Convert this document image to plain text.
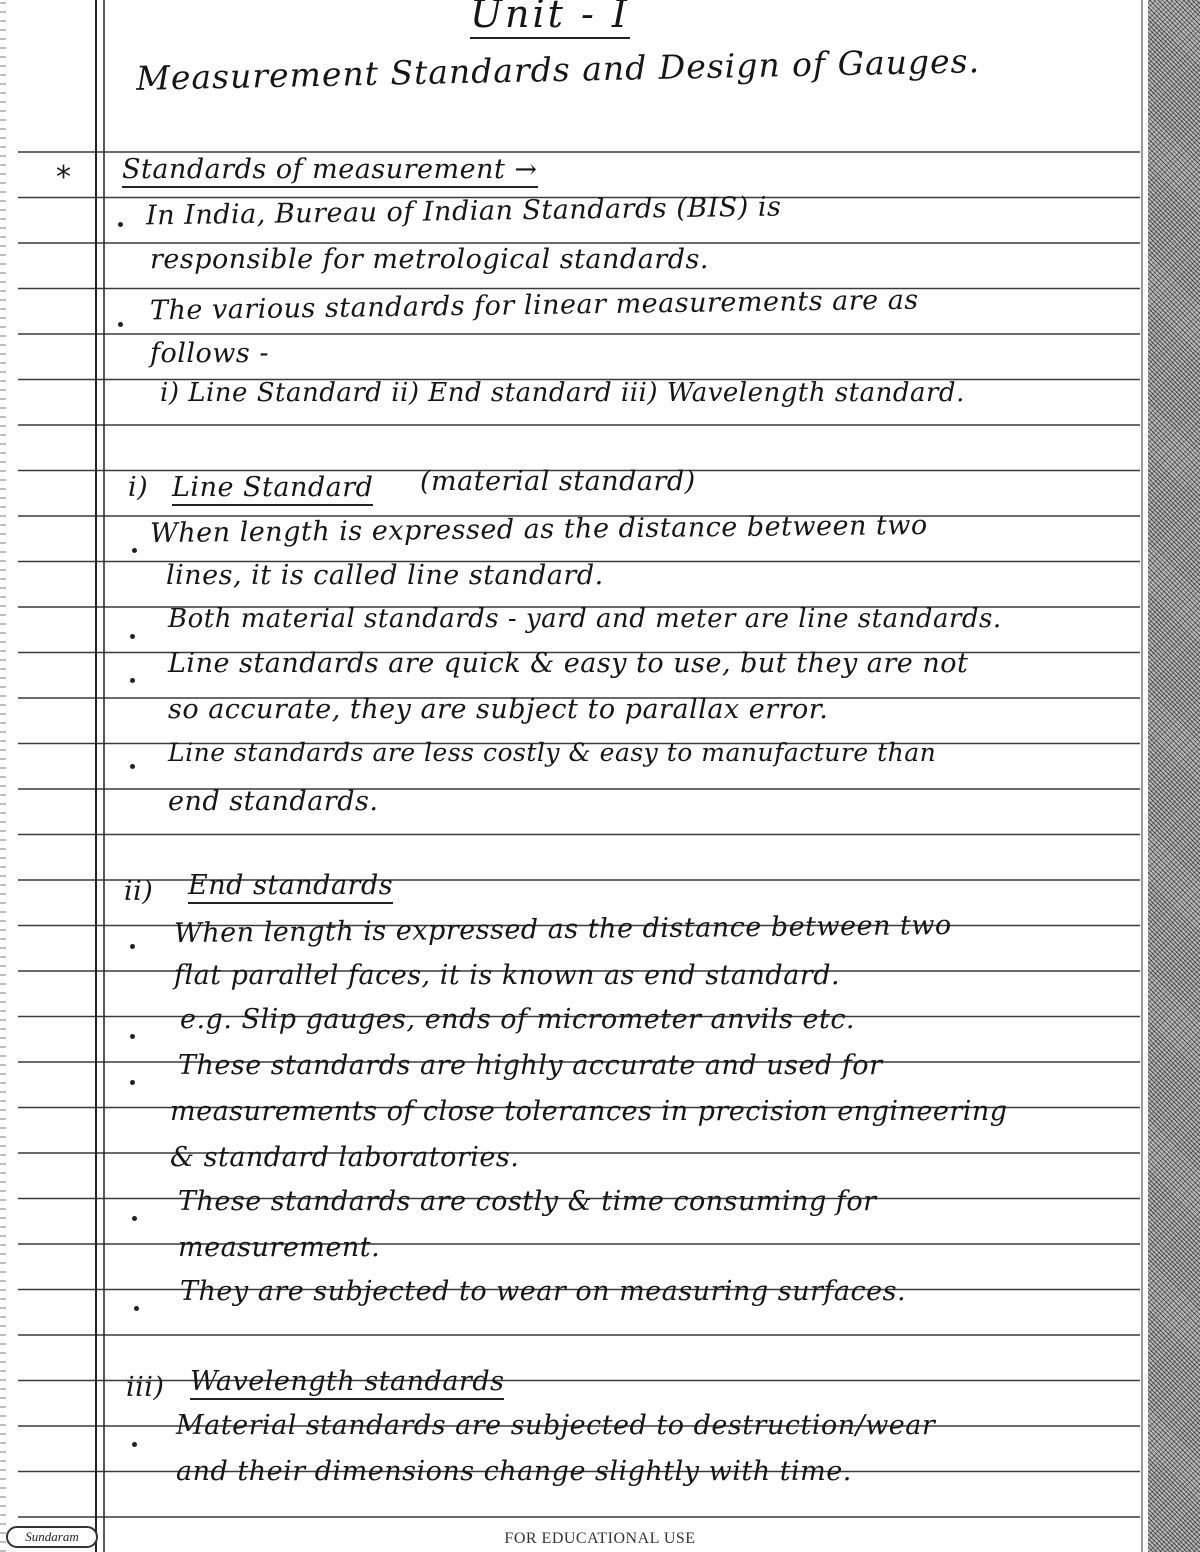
Unit - I
Measurement Standards and Design of Gauges.
* Standards of measurement →
In India, Bureau of Indian Standards (BIS) is
responsible for metrological standards.
The various standards for linear measurements are as
follows -
i) Line Standard ii) End standard iii) Wavelength standard.
i) Line Standard (material standard)
When length is expressed as the distance between two
lines, it is called line standard.
Both material standards - yard and meter are line standards.
Line standards are quick & easy to use, but they are not
so accurate, they are subject to parallax error.
Line standards are less costly & easy to manufacture than
end standards.
ii) End standards
When length is expressed as the distance between two
flat parallel faces, it is known as end standard.
e.g. Slip gauges, ends of micrometer anvils etc.
These standards are highly accurate and used for
measurements of close tolerances in precision engineering
& standard laboratories.
These standards are costly & time consuming for
measurement.
They are subjected to wear on measuring surfaces.
iii) Wavelength standards
Material standards are subjected to destruction/wear
and their dimensions change slightly with time.
FOR EDUCATIONAL USE
Sundaram
